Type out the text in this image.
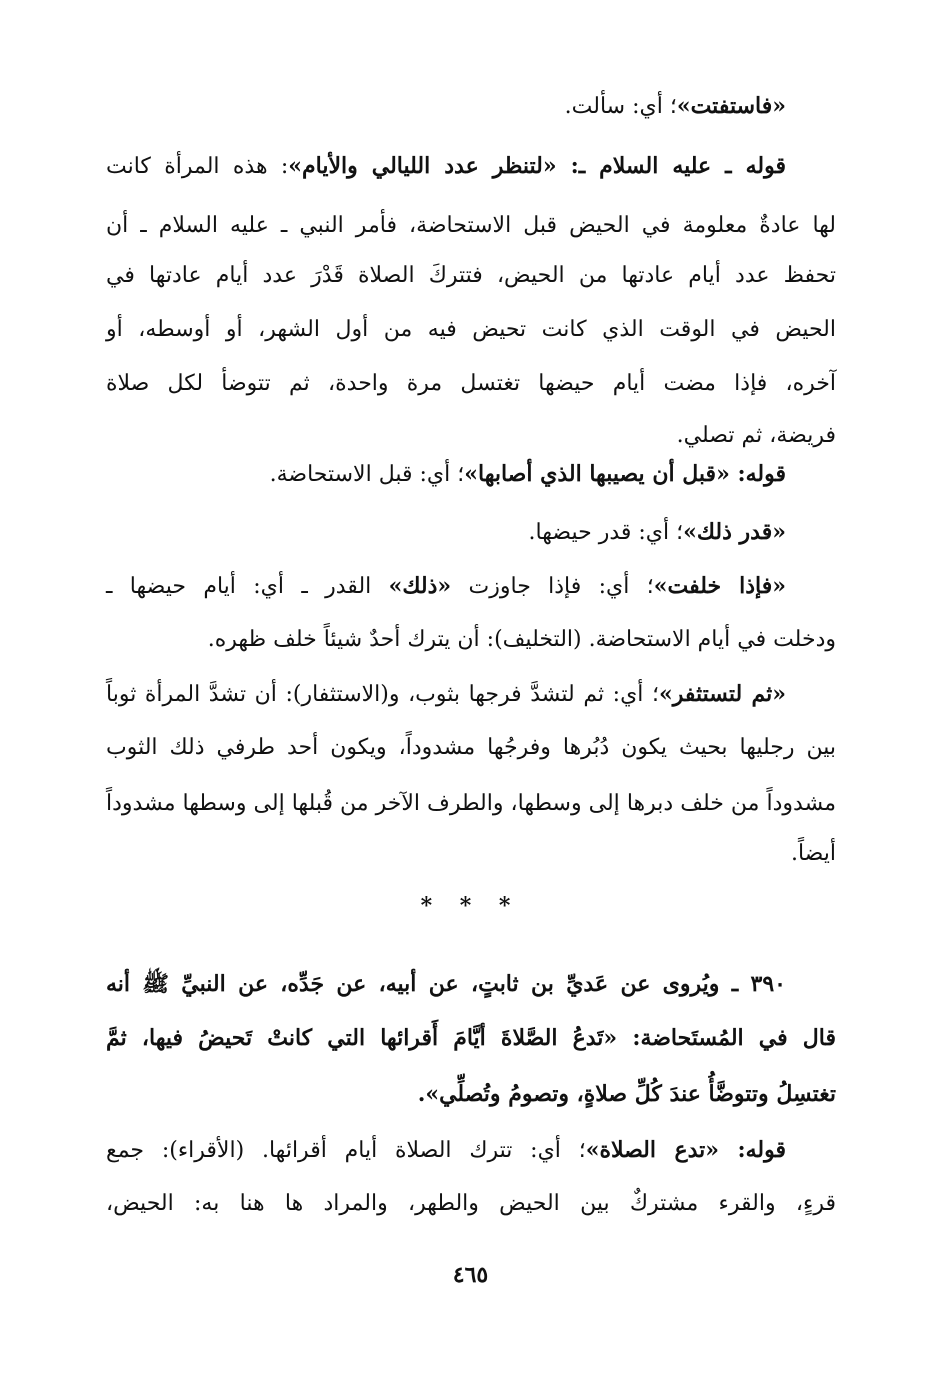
«فاستفتت»؛ أي: سألت.
قوله ـ عليه السلام ـ: «لتنظر عدد الليالي والأيام»: هذه المرأة كانت
لها عادةٌ معلومة في الحيض قبل الاستحاضة، فأمر النبي ـ عليه السلام ـ أن
تحفظ عدد أيام عادتها من الحيض، فتتركَ الصلاة قَدْرَ عدد أيام عادتها في
الحيض في الوقت الذي كانت تحيض فيه من أول الشهر، أو أوسطه، أو
آخره، فإذا مضت أيام حيضها تغتسل مرة واحدة، ثم تتوضأ لكل صلاة
فريضة، ثم تصلي.
قوله: «قبل أن يصيبها الذي أصابها»؛ أي: قبل الاستحاضة.
«قدر ذلك»؛ أي: قدر حيضها.
«فإذا خلفت»؛ أي: فإذا جاوزت «ذلك» القدر ـ أي: أيام حيضها ـ
ودخلت في أيام الاستحاضة. (التخليف): أن يترك أحدٌ شيئاً خلف ظهره.
«ثم لتستثفر»؛ أي: ثم لتشدَّ فرجها بثوب، و(الاستثفار): أن تشدَّ المرأة ثوباً
بين رجليها بحيث يكون دُبُرها وفرجُها مشدوداً، ويكون أحد طرفي ذلك الثوب
مشدوداً من خلف دبرها إلى وسطها، والطرف الآخر من قُبلها إلى وسطها مشدوداً
أيضاً.
٣٩٠ ـ ويُروى عن عَديِّ بن ثابتٍ، عن أبيه، عن جَدِّه، عن النبيِّ ﷺ أنه
قال في المُستَحاضة: «تَدعُ الصَّلاةَ أيَّامَ أَقرائها التي كانتْ تَحيضُ فيها، ثمَّ
تغتسِلُ وتتوضَّأُ عندَ كُلِّ صلاةٍ، وتصومُ وتُصلِّي».
قوله: «تدع الصلاة»؛ أي: تترك الصلاة أيام أقرائها. (الأقراء): جمع
قرءٍ، والقرء مشتركٌ بين الحيض والطهر، والمراد ها هنا به: الحيض،
* * *
٤٦٥
